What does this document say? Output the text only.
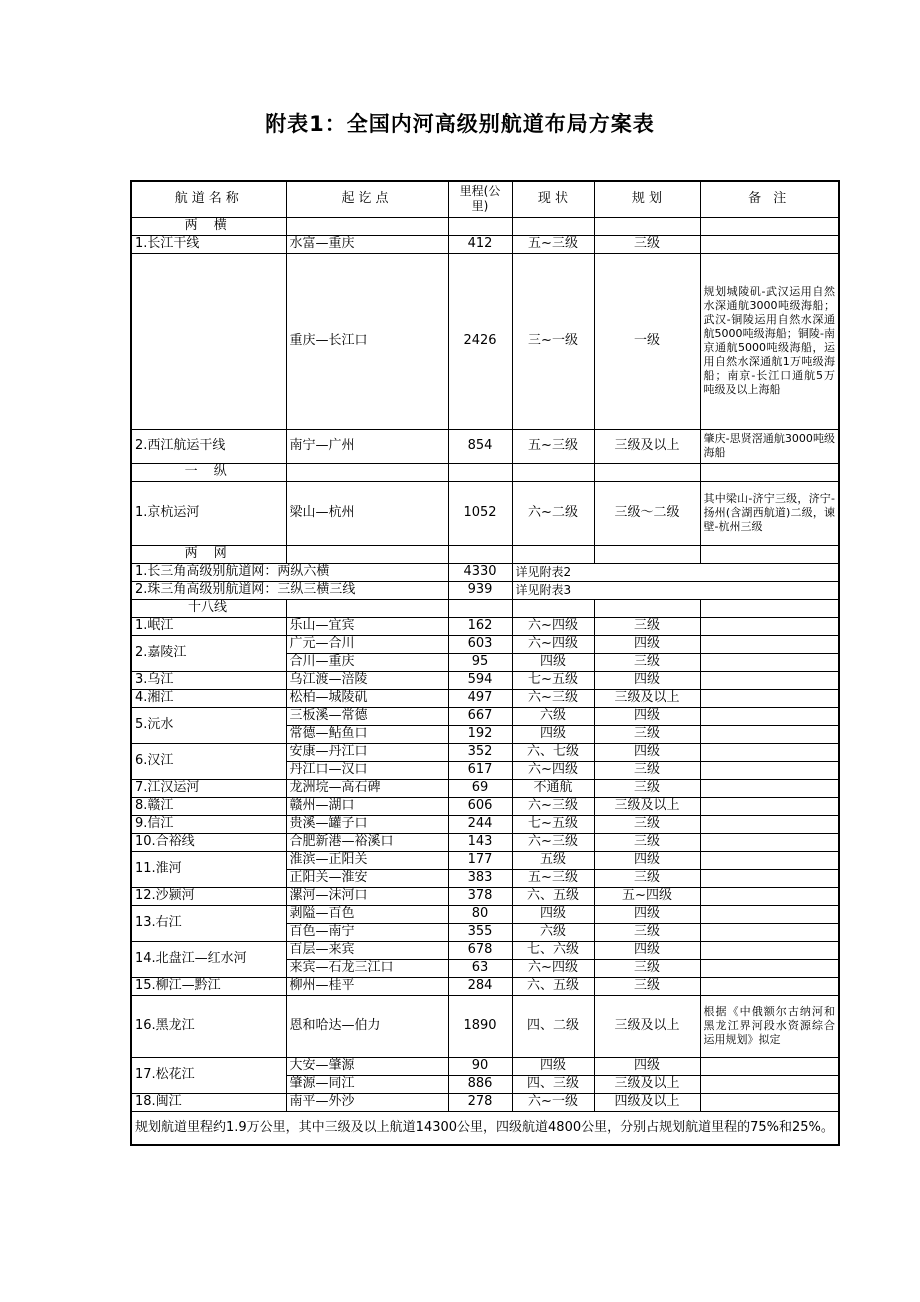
附表1：全国内河高级别航道布局方案表
航道名称	起讫点	里程(公里)	现 状	规 划	备 注
两 横					
1.长江干线	水富—重庆	412	五~三级	三级	
	重庆—长江口	2426	三~一级	一级	规划城陵矶-武汉运用自然水深通航3000吨级海船；武汉-铜陵运用自然水深通航5000吨级海船；铜陵-南京通航5000吨级海船，运用自然水深通航1万吨级海船；南京-长江口通航5万吨级及以上海船
2.西江航运干线	南宁—广州	854	五~三级	三级及以上	肇庆-思贤滘通航3000吨级海船
一 纵					
1.京杭运河	梁山—杭州	1052	六~二级	三级～二级	其中梁山-济宁三级，济宁-扬州(含湖西航道)二级，谏壁-杭州三级
两 网					
1.长三角高级别航道网：两纵六横		4330	详见附表2		
2.珠三角高级别航道网：三纵三横三线		939	详见附表3		
十八线					
1.岷江	乐山—宜宾	162	六~四级	三级	
2.嘉陵江	广元—合川	603	六~四级	四级	
	合川—重庆	95	四级	三级	
3.乌江	乌江渡—涪陵	594	七~五级	四级	
4.湘江	松柏—城陵矶	497	六~三级	三级及以上	
5.沅水	三板溪—常德	667	六级	四级	
	常德—鲇鱼口	192	四级	三级	
6.汉江	安康—丹江口	352	六、七级	四级	
	丹江口—汉口	617	六~四级	三级	
7.江汉运河	龙洲垸—高石碑	69	不通航	三级	
8.赣江	赣州—湖口	606	六~三级	三级及以上	
9.信江	贵溪—罐子口	244	七~五级	三级	
10.合裕线	合肥新港—裕溪口	143	六~三级	三级	
11.淮河	淮滨—正阳关	177	五级	四级	
	正阳关—淮安	383	五~三级	三级	
12.沙颍河	漯河—沫河口	378	六、五级	五~四级	
13.右江	剥隘—百色	80	四级	四级	
	百色—南宁	355	六级	三级	
14.北盘江—红水河	百层—来宾	678	七、六级	四级	
	来宾—石龙三江口	63	六~四级	三级	
15.柳江—黔江	柳州—桂平	284	六、五级	三级	
16.黑龙江	恩和哈达—伯力	1890	四、二级	三级及以上	根据《中俄额尔古纳河和黑龙江界河段水资源综合运用规划》拟定
17.松花江	大安—肇源	90	四级	四级	
	肇源—同江	886	四、三级	三级及以上	
18.闽江	南平—外沙	278	六~一级	四级及以上	
规划航道里程约1.9万公里，其中三级及以上航道14300公里，四级航道4800公里，分别占规划航道里程的75%和25%。					
